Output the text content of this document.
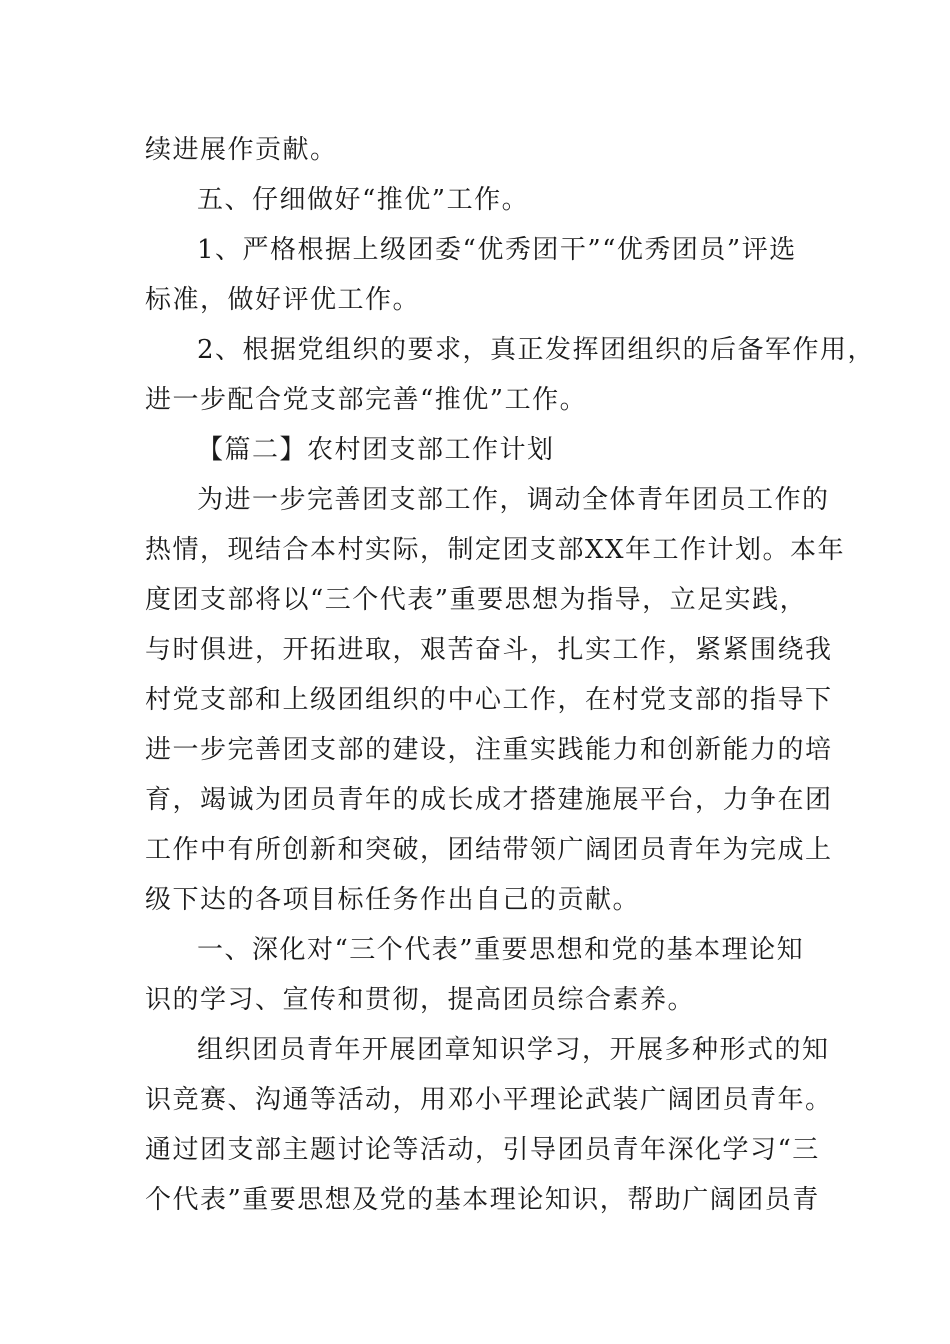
续进展作贡献。

五、仔细做好“推优”工作。

1、严格根据上级团委“优秀团干”“优秀团员”评选

标准，做好评优工作。

2、根据党组织的要求，真正发挥团组织的后备军作用，

进一步配合党支部完善“推优”工作。

【篇二】农村团支部工作计划

为进一步完善团支部工作，调动全体青年团员工作的

热情，现结合本村实际，制定团支部XX年工作计划。本年

度团支部将以“三个代表”重要思想为指导，立足实践，

与时俱进，开拓进取，艰苦奋斗，扎实工作，紧紧围绕我

村党支部和上级团组织的中心工作，在村党支部的指导下

进一步完善团支部的建设，注重实践能力和创新能力的培

育，竭诚为团员青年的成长成才搭建施展平台，力争在团

工作中有所创新和突破，团结带领广阔团员青年为完成上

级下达的各项目标任务作出自己的贡献。

一、深化对“三个代表”重要思想和党的基本理论知

识的学习、宣传和贯彻，提高团员综合素养。

组织团员青年开展团章知识学习，开展多种形式的知

识竞赛、沟通等活动，用邓小平理论武装广阔团员青年。

通过团支部主题讨论等活动，引导团员青年深化学习“三

个代表”重要思想及党的基本理论知识，帮助广阔团员青
